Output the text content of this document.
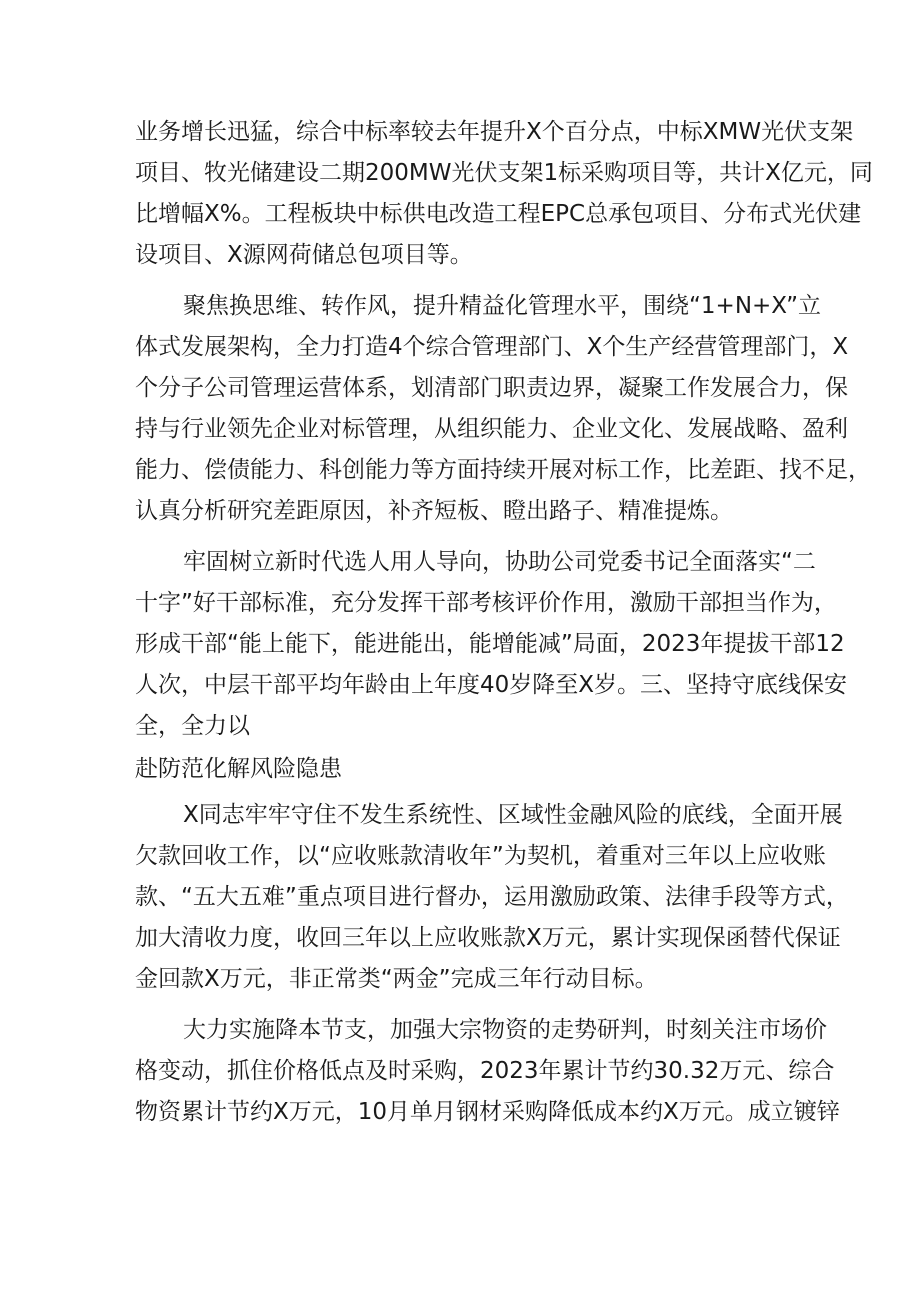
业务增长迅猛，综合中标率较去年提升X个百分点，中标XMW光伏支架
项目、牧光储建设二期200MW光伏支架1标采购项目等，共计X亿元，同
比增幅X%。工程板块中标供电改造工程EPC总承包项目、分布式光伏建
设项目、X源网荷储总包项目等。
聚焦换思维、转作风，提升精益化管理水平，围绕“1+N+X”立
体式发展架构，全力打造4个综合管理部门、X个生产经营管理部门，X
个分子公司管理运营体系，划清部门职责边界，凝聚工作发展合力，保
持与行业领先企业对标管理，从组织能力、企业文化、发展战略、盈利
能力、偿债能力、科创能力等方面持续开展对标工作，比差距、找不足，
认真分析研究差距原因，补齐短板、瞪出路子、精准提炼。
牢固树立新时代选人用人导向，协助公司党委书记全面落实“二
十字”好干部标准，充分发挥干部考核评价作用，激励干部担当作为，
形成干部“能上能下，能进能出，能增能减”局面，2023年提拔干部12
人次，中层干部平均年龄由上年度40岁降至X岁。三、坚持守底线保安
全，全力以
赴防范化解风险隐患
X同志牢牢守住不发生系统性、区域性金融风险的底线，全面开展
欠款回收工作，以“应收账款清收年”为契机，着重对三年以上应收账
款、“五大五难”重点项目进行督办，运用激励政策、法律手段等方式，
加大清收力度，收回三年以上应收账款X万元，累计实现保函替代保证
金回款X万元，非正常类“两金”完成三年行动目标。
大力实施降本节支，加强大宗物资的走势研判，时刻关注市场价
格变动，抓住价格低点及时采购，2023年累计节约30.32万元、综合
物资累计节约X万元，10月单月钢材采购降低成本约X万元。成立镀锌
